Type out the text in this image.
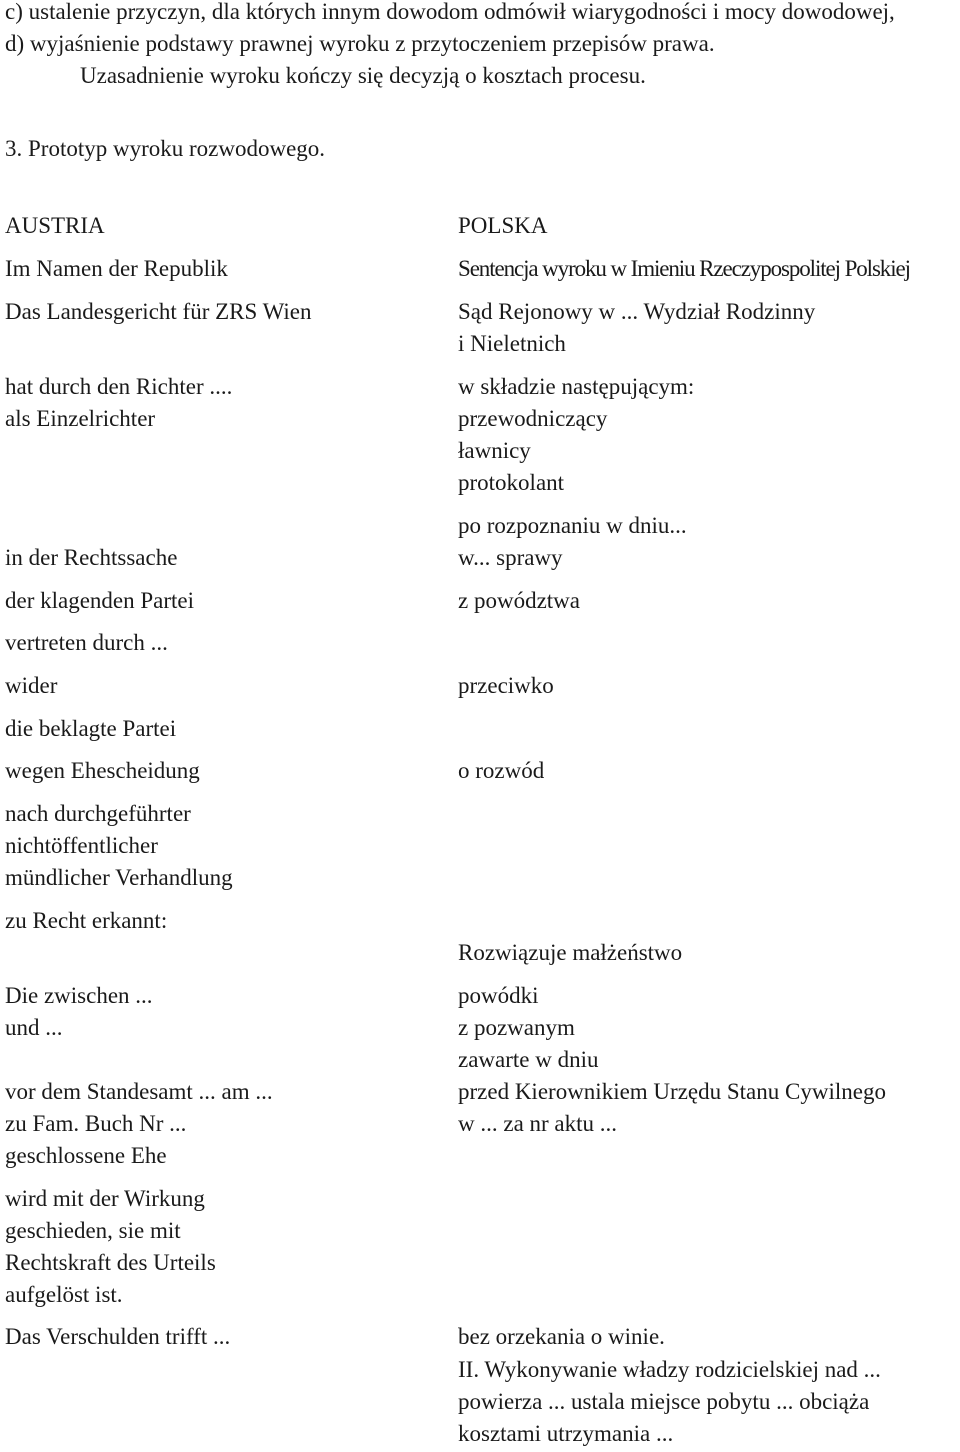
c) ustalenie przyczyn, dla których innym dowodom odmówił wiarygodności i mocy dowodowej,
d) wyjaśnienie podstawy prawnej wyroku z przytoczeniem przepisów prawa.
Uzasadnienie wyroku kończy się decyzją o kosztach procesu.
3. Prototyp wyroku rozwodowego.
AUSTRIA
Im Namen der Republik
Das Landesgericht für ZRS Wien
hat durch den Richter ....
als Einzelrichter
in der Rechtssache
der klagenden Partei
vertreten durch ...
wider
die beklagte Partei
wegen Ehescheidung
nach durchgeführter
nichtöffentlicher
mündlicher Verhandlung
zu Recht erkannt:
Die zwischen ...
und ...
vor dem Standesamt ... am ...
zu Fam. Buch Nr ...
geschlossene Ehe
wird mit der Wirkung
geschieden, sie mit
Rechtskraft des Urteils
aufgelöst ist.
Das Verschulden trifft ...
POLSKA
Sentencja wyroku w Imieniu Rzeczypospolitej Polskiej
Sąd Rejonowy w ... Wydział Rodzinny
i Nieletnich
w składzie następującym:
przewodniczący
ławnicy
protokolant
po rozpoznaniu w dniu...
w... sprawy
z powództwa
przeciwko
o rozwód
Rozwiązuje małżeństwo
powódki
z pozwanym
zawarte w dniu
przed Kierownikiem Urzędu Stanu Cywilnego
w ... za nr aktu ...
bez orzekania o winie.
II. Wykonywanie władzy rodzicielskiej nad ...
powierza ... ustala miejsce pobytu ... obciąża
kosztami utrzymania ...
